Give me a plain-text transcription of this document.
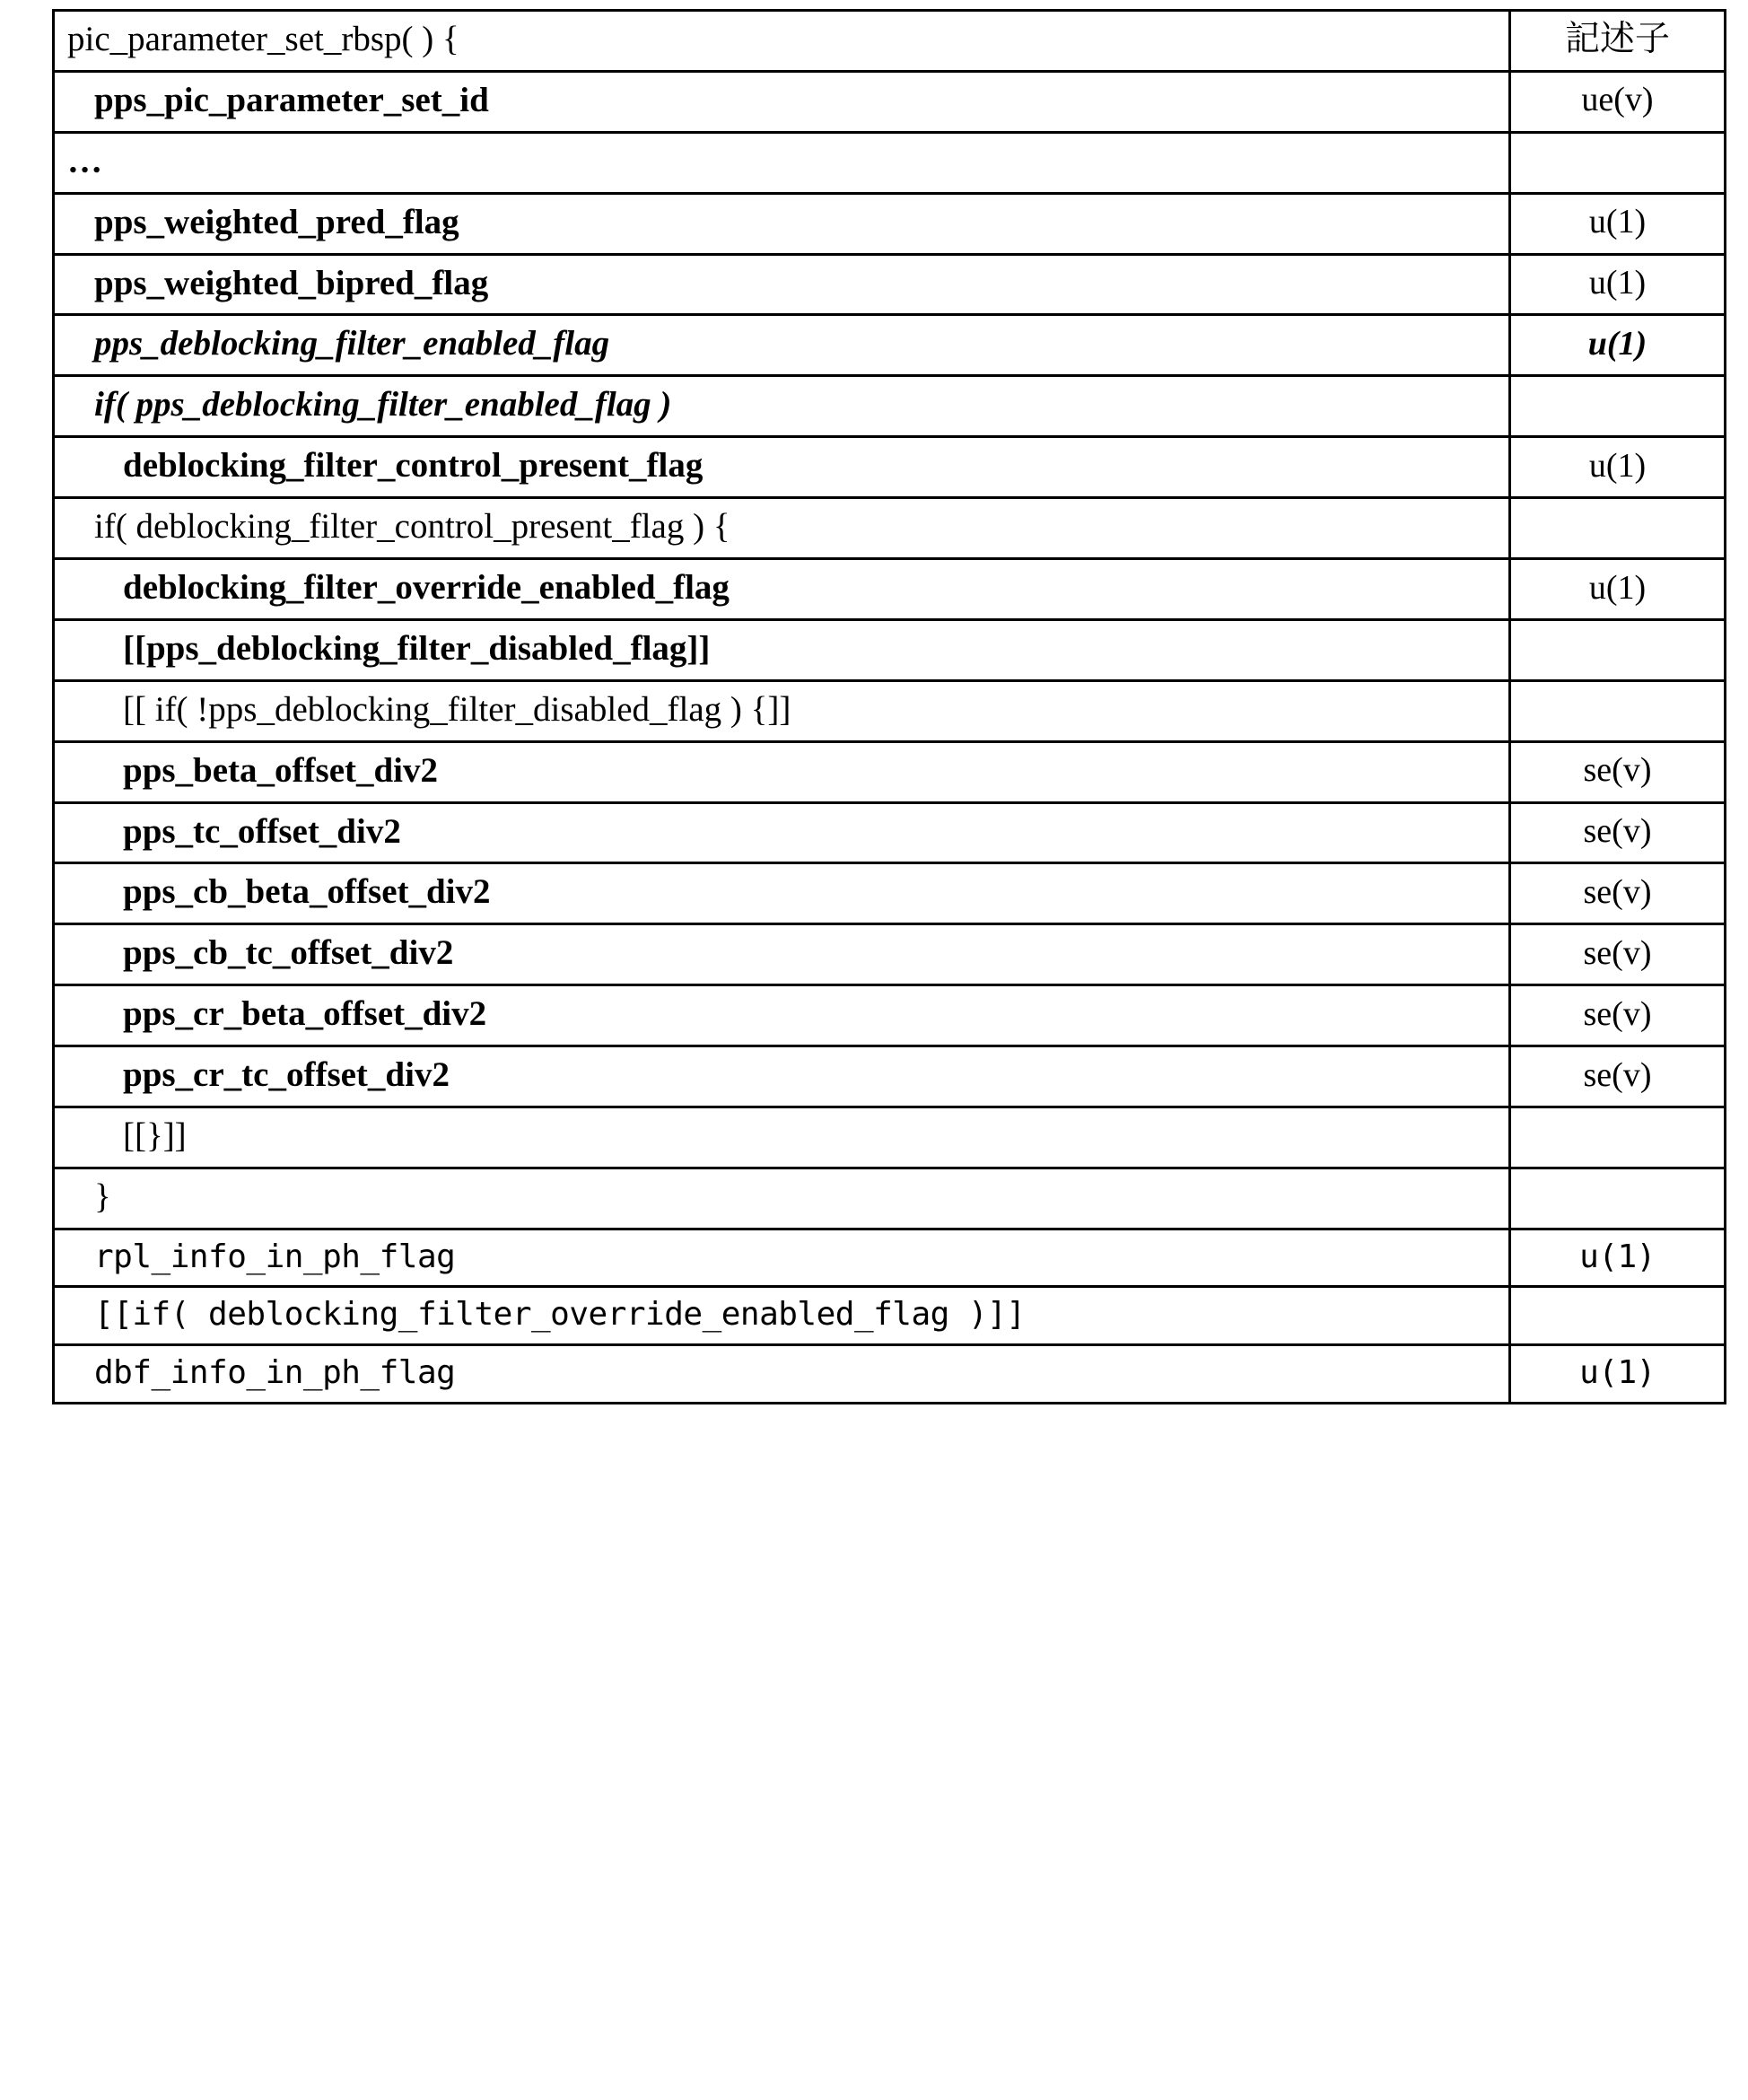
pic_parameter_set_rbsp( ) {	記述子

pps_pic_parameter_set_id	ue(v)

…	

pps_weighted_pred_flag	u(1)

pps_weighted_bipred_flag	u(1)

pps_deblocking_filter_enabled_flag	u(1)

if( pps_deblocking_filter_enabled_flag )	

deblocking_filter_control_present_flag	u(1)

if( deblocking_filter_control_present_flag ) {	

deblocking_filter_override_enabled_flag	u(1)

[[pps_deblocking_filter_disabled_flag]]	

[[ if( !pps_deblocking_filter_disabled_flag ) {]]	

pps_beta_offset_div2	se(v)

pps_tc_offset_div2	se(v)

pps_cb_beta_offset_div2	se(v)

pps_cb_tc_offset_div2	se(v)

pps_cr_beta_offset_div2	se(v)

pps_cr_tc_offset_div2	se(v)

[[}]]	

}	

rpl_info_in_ph_flag	u(1)

[[if( deblocking_filter_override_enabled_flag )]]	

dbf_info_in_ph_flag	u(1)
